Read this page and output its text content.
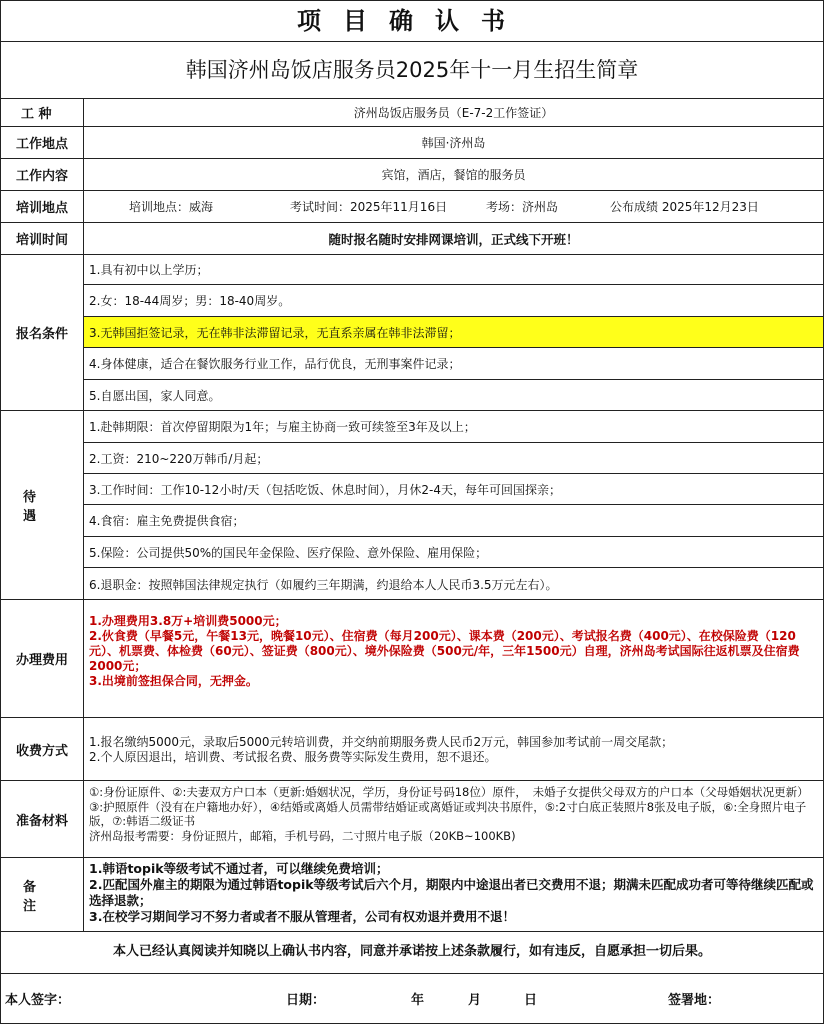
项目确认书
韩国济州岛饭店服务员2025年十一月生招生简章
工 种	济州岛饭店服务员（E-7-2工作签证）
工作地点	韩国·济州岛
工作内容	宾馆，酒店，餐馆的服务员
培训地点	培训地点：威海	考试时间：2025年11月16日	考场：济州岛	公布成绩 2025年12月23日
培训时间	随时报名随时安排网课培训，正式线下开班！
报名条件
1.具有初中以上学历；
2.女：18-44周岁；男：18-40周岁。
3.无韩国拒签记录，无在韩非法滞留记录，无直系亲属在韩非法滞留；
4.身体健康，适合在餐饮服务行业工作，品行优良，无刑事案件记录；
5.自愿出国，家人同意。
待 遇
1.赴韩期限：首次停留期限为1年；与雇主协商一致可续签至3年及以上；
2.工资：210~220万韩币/月起；
3.工作时间：工作10-12小时/天（包括吃饭、休息时间），月休2-4天，每年可回国探亲；
4.食宿：雇主免费提供食宿；
5.保险：公司提供50%的国民年金保险、医疗保险、意外保险、雇用保险；
6.退职金：按照韩国法律规定执行（如履约三年期满，约退给本人人民币3.5万元左右）。
办理费用
1.办理费用3.8万+培训费5000元；
2.伙食费（早餐5元，午餐13元，晚餐10元）、住宿费（每月200元）、课本费（200元）、考试报名费（400元）、在校保险费（120元）、机票费、体检费（60元）、签证费（800元）、境外保险费（500元/年，三年1500元）自理，济州岛考试国际往返机票及住宿费2000元；
3.出境前签担保合同，无押金。
收费方式
1.报名缴纳5000元，录取后5000元转培训费，并交纳前期服务费人民币2万元，韩国参加考试前一周交尾款；
2.个人原因退出，培训费、考试报名费、服务费等实际发生费用，恕不退还。
准备材料
①:身份证原件、②:夫妻双方户口本（更新:婚姻状况，学历，身份证号码18位）原件，　未婚子女提供父母双方的户口本（父母婚姻状况更新）③:护照原件（没有在户籍地办好），④结婚或离婚人员需带结婚证或离婚证或判决书原件，⑤:2寸白底正装照片8张及电子版，⑥:全身照片电子版，⑦:韩语二级证书
济州岛报考需要：身份证照片，邮箱，手机号码，二寸照片电子版（20KB~100KB)
备 注
1.韩语topik等级考试不通过者，可以继续免费培训；
2.匹配国外雇主的期限为通过韩语topik等级考试后六个月，期限内中途退出者已交费用不退；期满未匹配成功者可等待继续匹配或选择退款；
3.在校学习期间学习不努力者或者不服从管理者，公司有权劝退并费用不退！
本人已经认真阅读并知晓以上确认书内容，同意并承诺按上述条款履行，如有违反，自愿承担一切后果。
本人签字：	日期：	年	月	日	签署地：
